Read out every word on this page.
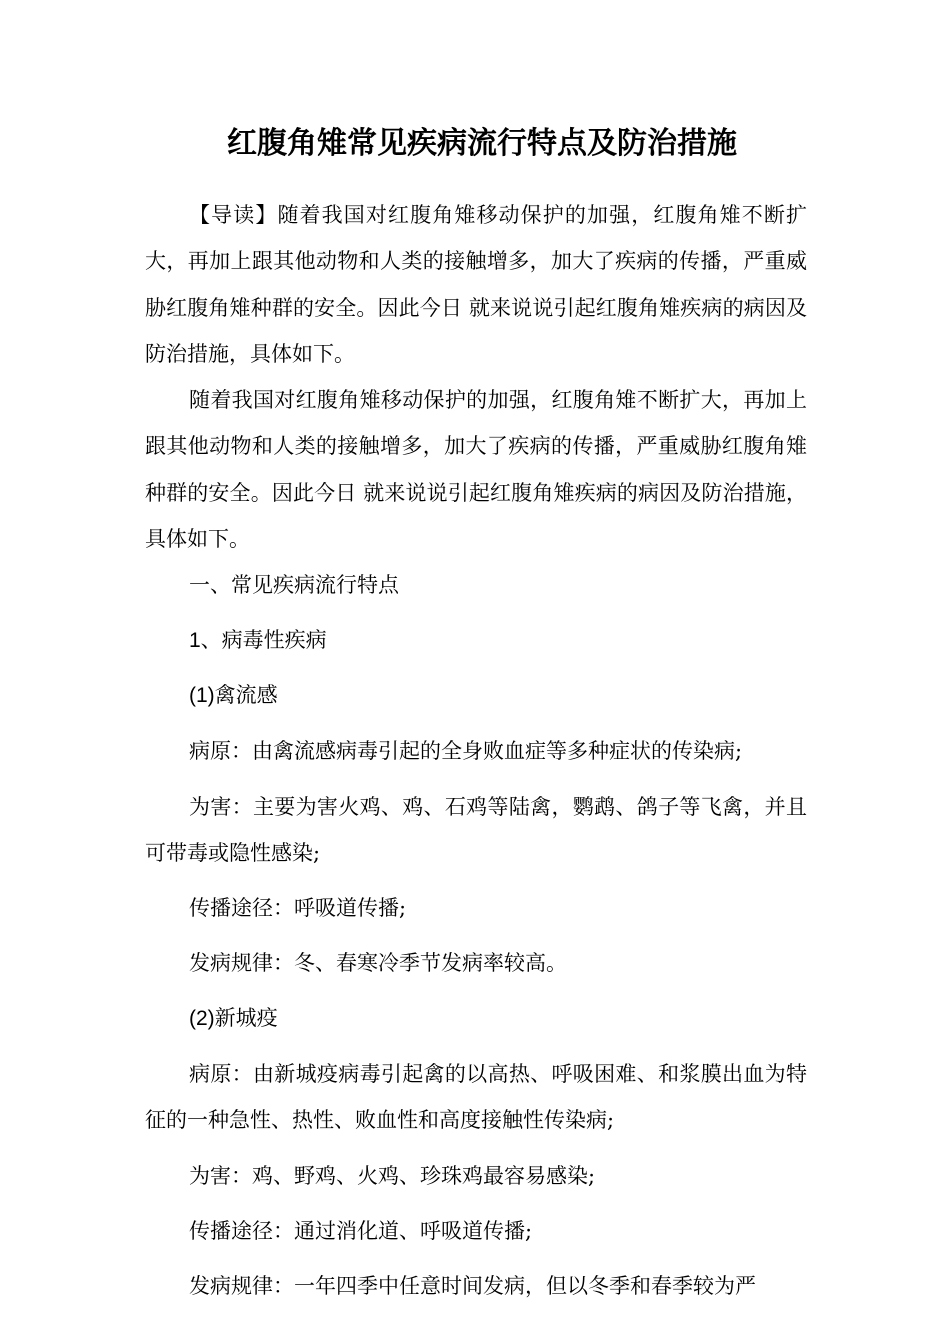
红腹角雉常见疾病流行特点及防治措施

【导读】随着我国对红腹角雉移动保护的加强，红腹角雉不断扩大，再加上跟其他动物和人类的接触增多，加大了疾病的传播，严重威胁红腹角雉种群的安全。因此今日 就来说说引起红腹角雉疾病的病因及防治措施，具体如下。

随着我国对红腹角雉移动保护的加强，红腹角雉不断扩大，再加上跟其他动物和人类的接触增多，加大了疾病的传播，严重威胁红腹角雉种群的安全。因此今日 就来说说引起红腹角雉疾病的病因及防治措施，具体如下。

一、常见疾病流行特点

1、病毒性疾病

(1)禽流感

病原：由禽流感病毒引起的全身败血症等多种症状的传染病;

为害：主要为害火鸡、鸡、石鸡等陆禽，鹦鹉、鸽子等飞禽，并且可带毒或隐性感染;

传播途径：呼吸道传播;

发病规律：冬、春寒冷季节发病率较高。

(2)新城疫

病原：由新城疫病毒引起禽的以高热、呼吸困难、和浆膜出血为特征的一种急性、热性、败血性和高度接触性传染病;

为害：鸡、野鸡、火鸡、珍珠鸡最容易感染;

传播途径：通过消化道、呼吸道传播;

发病规律：一年四季中任意时间发病，但以冬季和春季较为严
